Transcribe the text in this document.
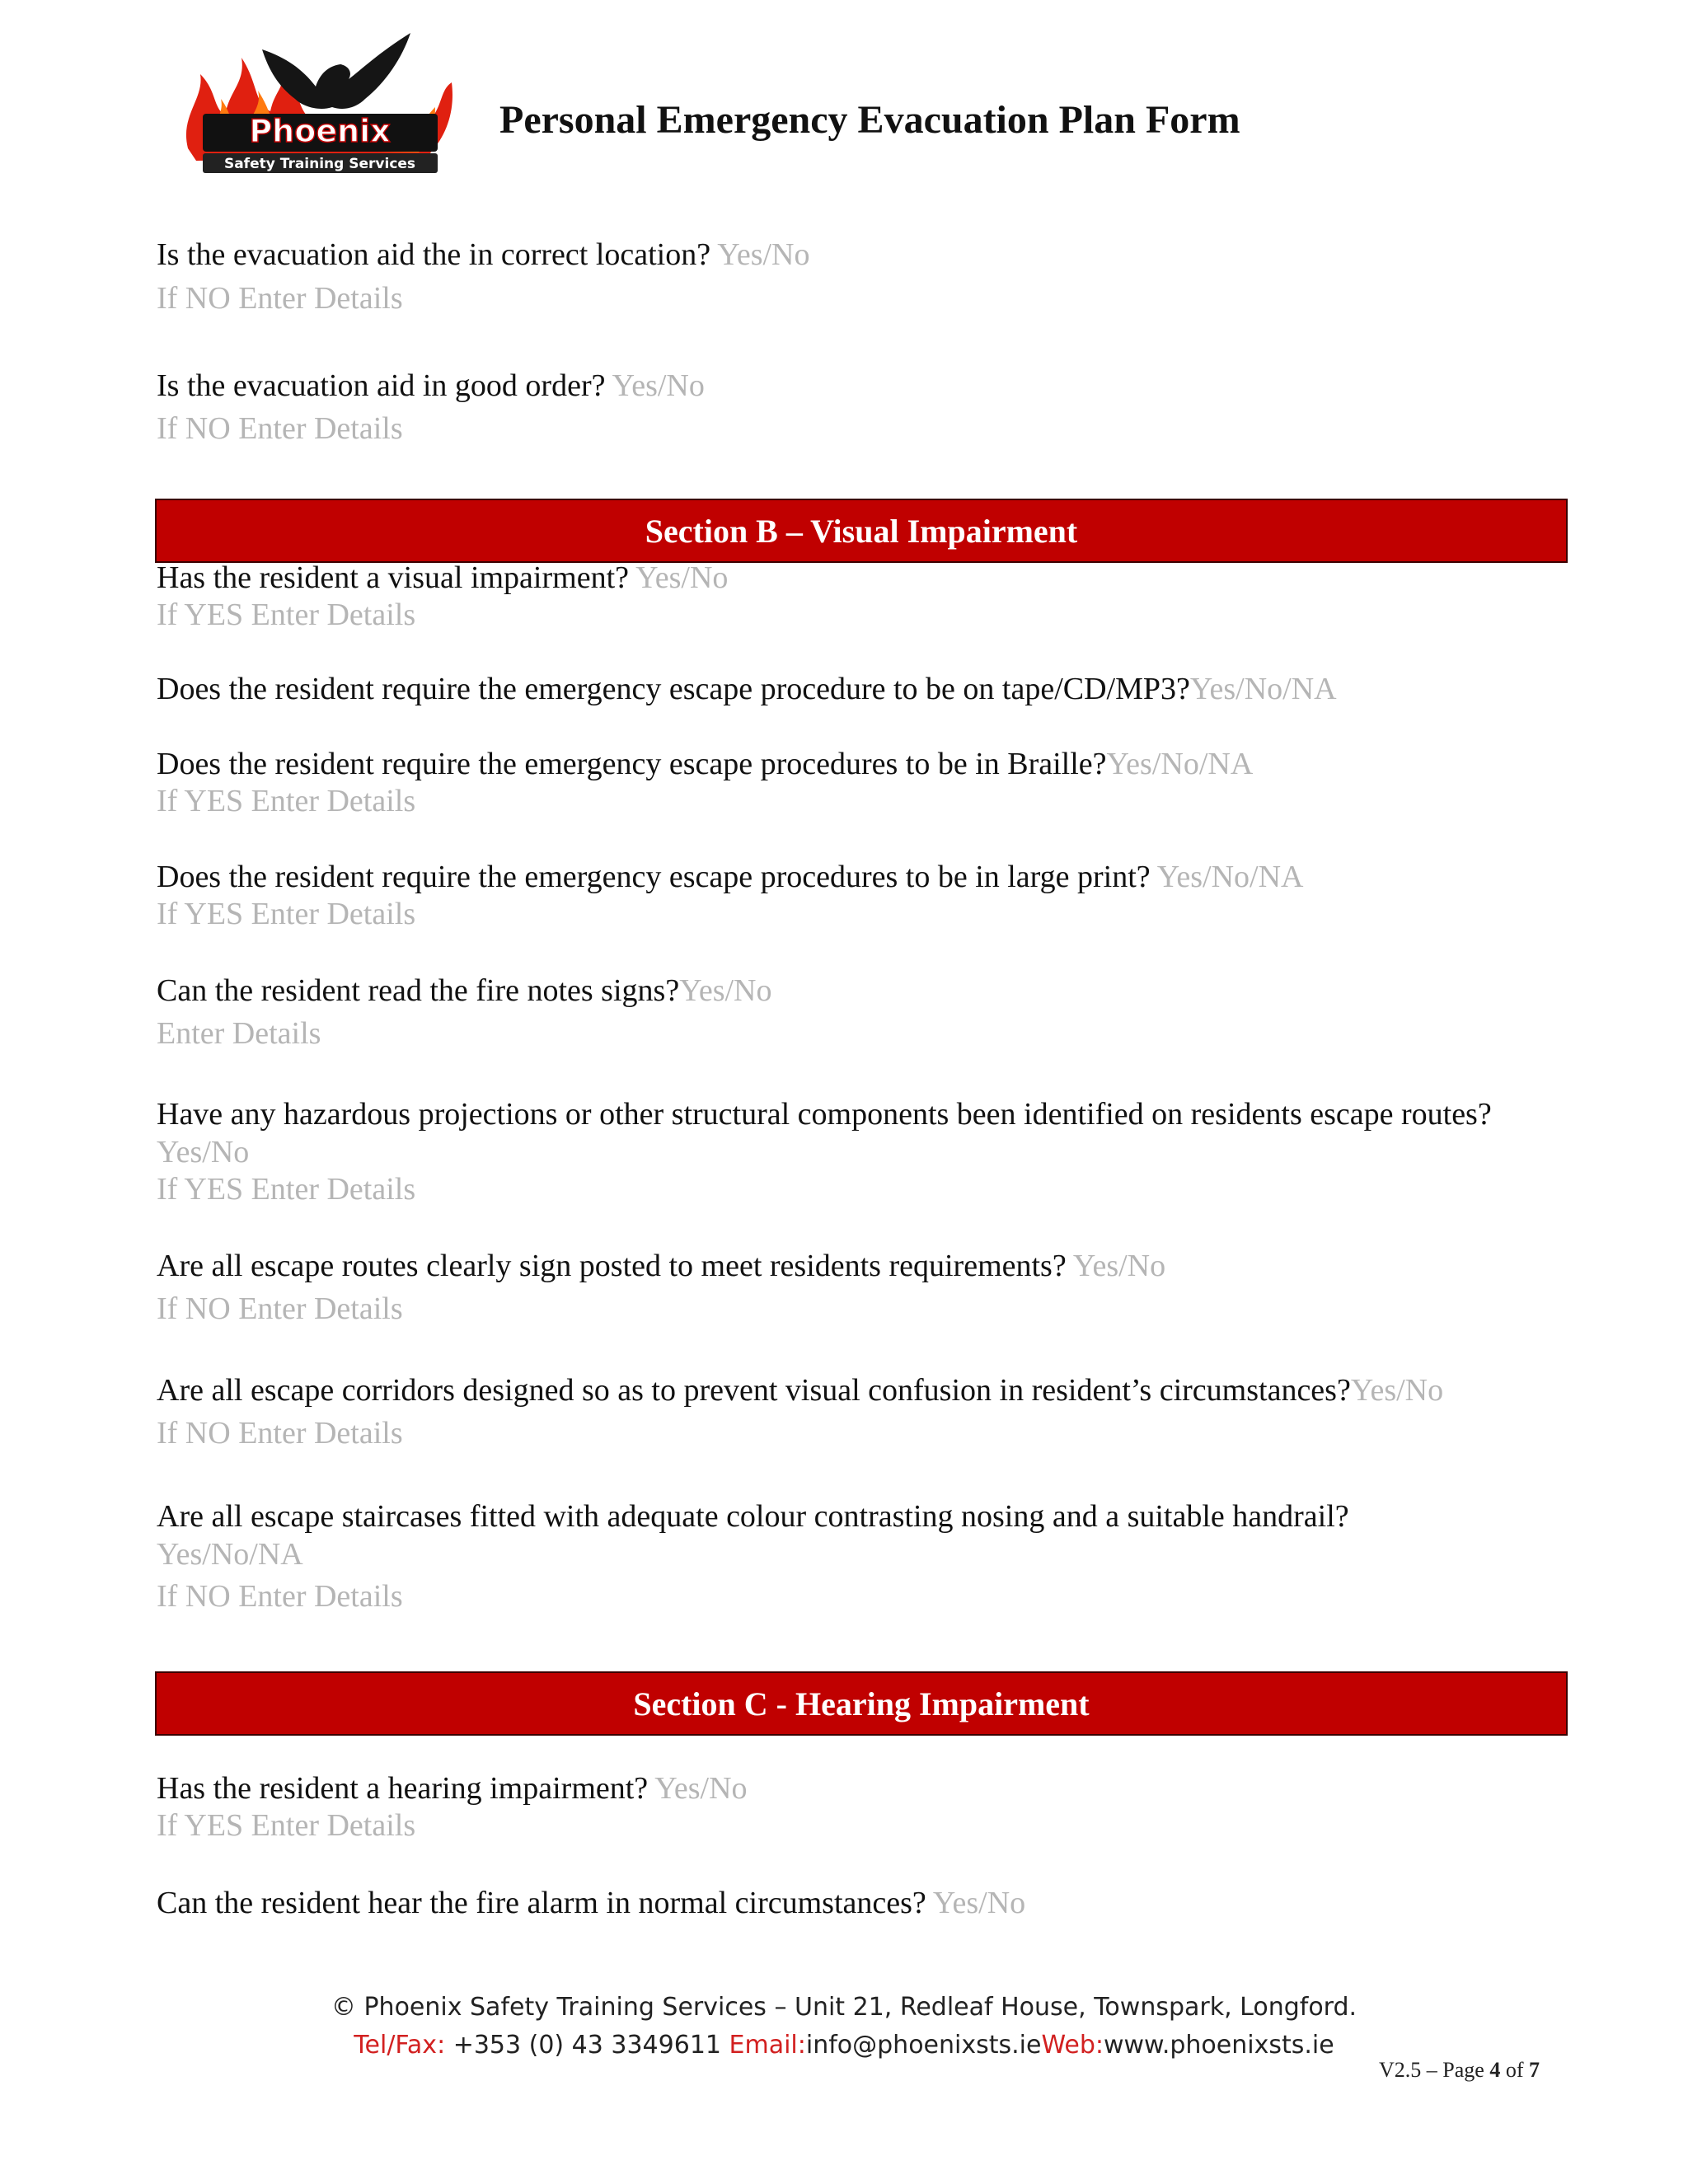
Phoenix
Safety Training Services
Personal Emergency Evacuation Plan Form
Is the evacuation aid the in correct location? Yes/No
If NO Enter Details
Is the evacuation aid in good order? Yes/No
If NO Enter Details
Section B – Visual Impairment
Has the resident a visual impairment? Yes/No
If YES Enter Details
Does the resident require the emergency escape procedure to be on tape/CD/MP3?Yes/No/NA
Does the resident require the emergency escape procedures to be in Braille?Yes/No/NA
If YES Enter Details
Does the resident require the emergency escape procedures to be in large print? Yes/No/NA
If YES Enter Details
Can the resident read the fire notes signs?Yes/No
Enter Details
Have any hazardous projections or other structural components been identified on residents escape routes? Yes/No
If YES Enter Details
Are all escape routes clearly sign posted to meet residents requirements? Yes/No
If NO Enter Details
Are all escape corridors designed so as to prevent visual confusion in resident’s circumstances?Yes/No
If NO Enter Details
Are all escape staircases fitted with adequate colour contrasting nosing and a suitable handrail?Yes/No/NA
If NO Enter Details
Section C - Hearing Impairment
Has the resident a hearing impairment? Yes/No
If YES Enter Details
Can the resident hear the fire alarm in normal circumstances? Yes/No
© Phoenix Safety Training Services – Unit 21, Redleaf House, Townspark, Longford.
Tel/Fax: +353 (0) 43 3349611 Email:info@phoenixsts.ieWeb:www.phoenixsts.ie
V2.5 – Page 4 of 7
